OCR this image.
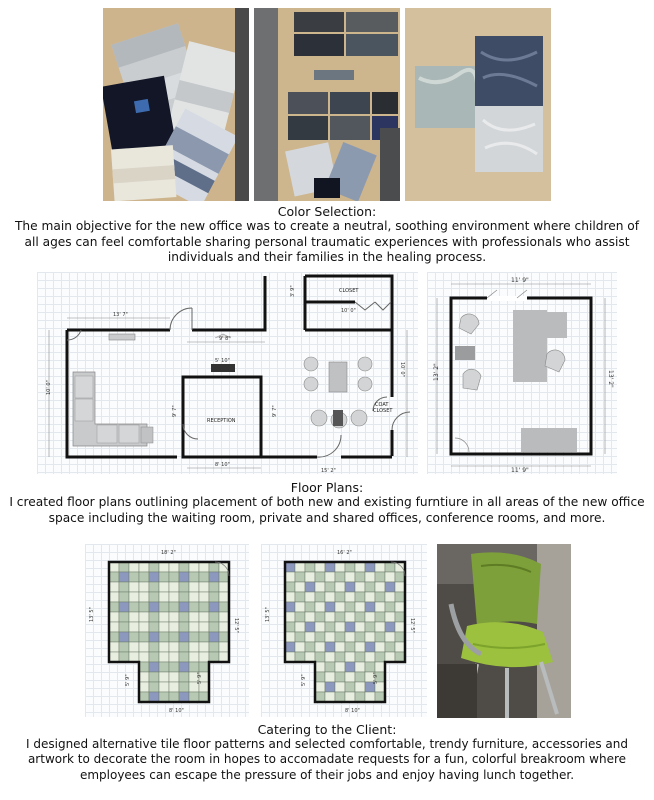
Color Selection:
The main objective for the new office was to create a neutral, soothing environment where children of all ages can feel comfortable sharing personal traumatic experiences with professionals who assist individuals and their families in the healing process.
13' 7"
9' 8"
10' 0"
5' 10"
8' 10"
15' 2"
10' 0"
9' 7"	9' 7"
10' 0"
3' 9"	CLOSET
RECEPTION
COAT
CLOSET
11' 9"
11' 9"
13' 2"	13' 2"
Floor Plans:
I created floor plans outlining placement of both new and existing furntiure in all areas of the new office space including the waiting room, private and shared offices, conference rooms, and more.
18' 2"
8' 10"
13' 5"
12' 5"
5' 9"	5' 9"
16' 2"
8' 10"
13' 5"
12' 5"
5' 9"	5' 9"
Catering to the Client:
I designed alternative tile floor patterns and selected comfortable, trendy furniture, accessories and artwork to decorate the room in hopes to accomadate requests for a fun, colorful breakroom where employees can escape the pressure of their jobs and enjoy having lunch together.
